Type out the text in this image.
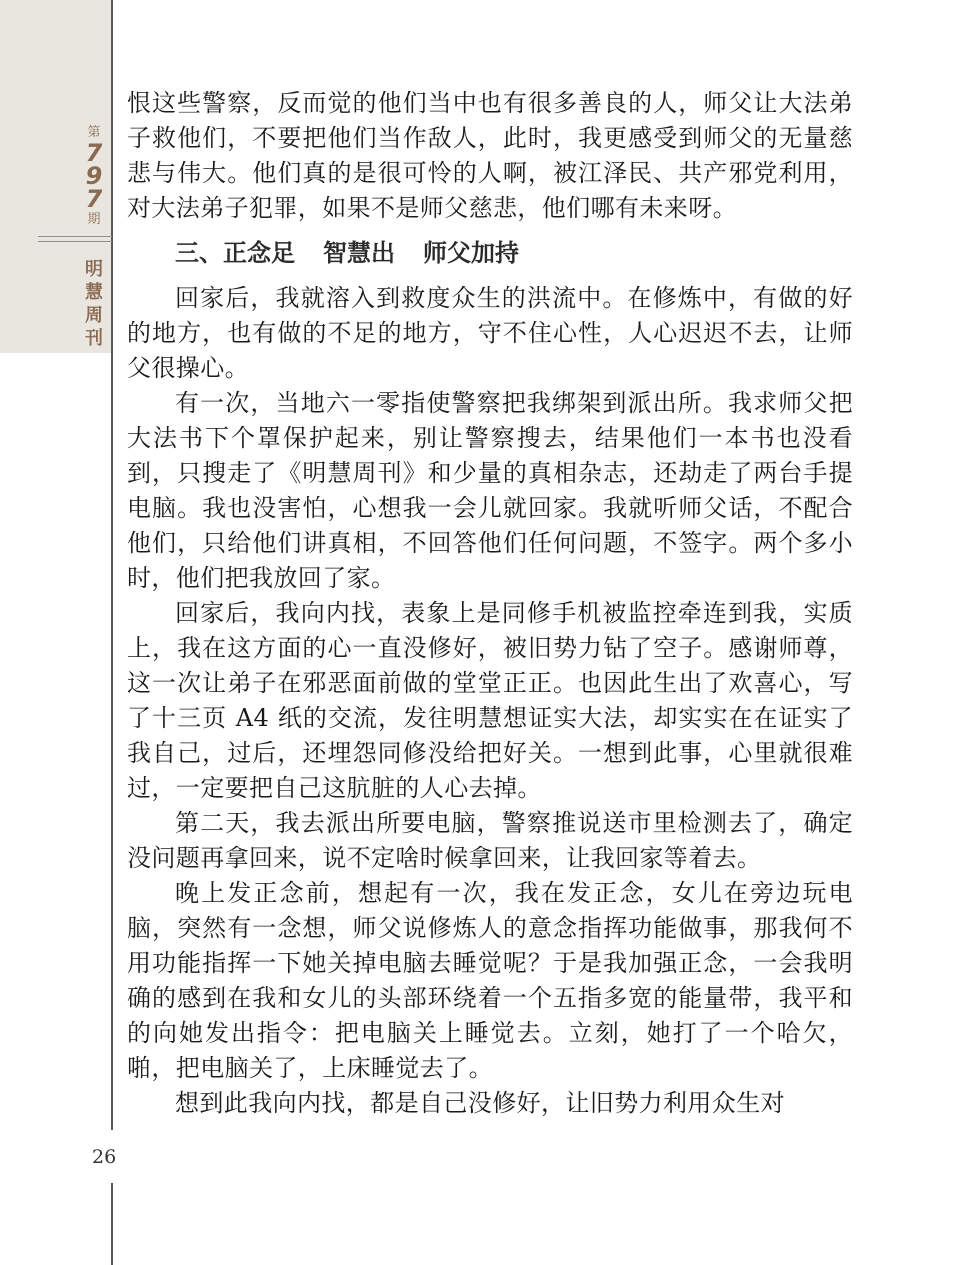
第
7
9
7
期
明
慧
周
刊
26

恨这些警察，反而觉的他们当中也有很多善良的人，师父让大法弟子救他们，不要把他们当作敌人，此时，我更感受到师父的无量慈悲与伟大。他们真的是很可怜的人啊，被江泽民、共产邪党利用，对大法弟子犯罪，如果不是师父慈悲，他们哪有未来呀。

三、正念足 智慧出 师父加持

回家后，我就溶入到救度众生的洪流中。在修炼中，有做的好的地方，也有做的不足的地方，守不住心性，人心迟迟不去，让师父很操心。

有一次，当地六一零指使警察把我绑架到派出所。我求师父把大法书下个罩保护起来，别让警察搜去，结果他们一本书也没看到，只搜走了《明慧周刊》和少量的真相杂志，还劫走了两台手提电脑。我也没害怕，心想我一会儿就回家。我就听师父话，不配合他们，只给他们讲真相，不回答他们任何问题，不签字。两个多小时，他们把我放回了家。

回家后，我向内找，表象上是同修手机被监控牵连到我，实质上，我在这方面的心一直没修好，被旧势力钻了空子。感谢师尊，这一次让弟子在邪恶面前做的堂堂正正。也因此生出了欢喜心，写了十三页 A4 纸的交流，发往明慧想证实大法，却实实在在证实了我自己，过后，还埋怨同修没给把好关。一想到此事，心里就很难过，一定要把自己这肮脏的人心去掉。

第二天，我去派出所要电脑，警察推说送市里检测去了，确定没问题再拿回来，说不定啥时候拿回来，让我回家等着去。

晚上发正念前，想起有一次，我在发正念，女儿在旁边玩电脑，突然有一念想，师父说修炼人的意念指挥功能做事，那我何不用功能指挥一下她关掉电脑去睡觉呢？于是我加强正念，一会我明确的感到在我和女儿的头部环绕着一个五指多宽的能量带，我平和的向她发出指令：把电脑关上睡觉去。立刻，她打了一个哈欠，啪，把电脑关了，上床睡觉去了。

想到此我向内找，都是自己没修好，让旧势力利用众生对
